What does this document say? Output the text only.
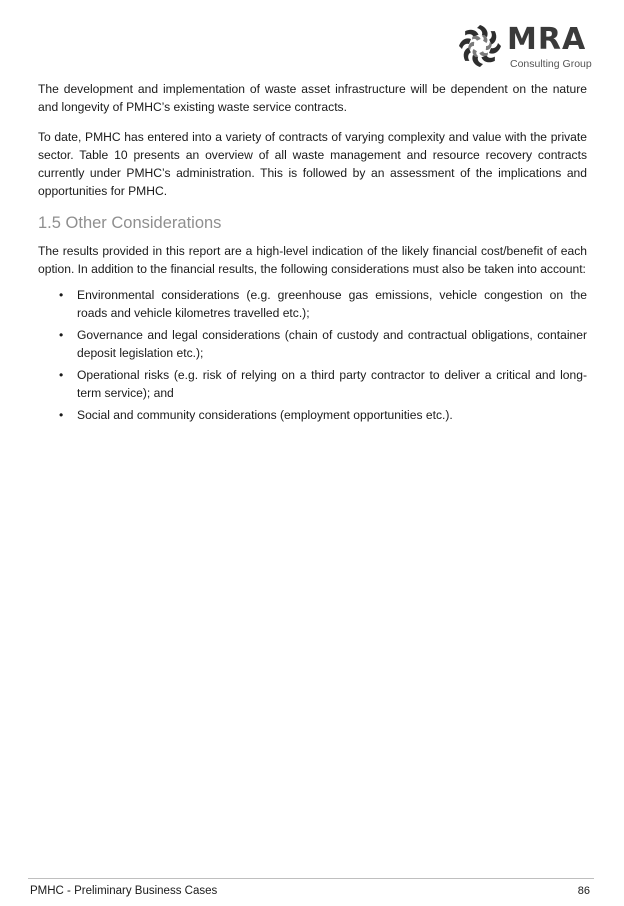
MRA
Consulting Group

The development and implementation of waste asset infrastructure will be dependent on the nature and longevity of PMHC’s existing waste service contracts.

To date, PMHC has entered into a variety of contracts of varying complexity and value with the private sector. Table 10 presents an overview of all waste management and resource recovery contracts currently under PMHC’s administration. This is followed by an assessment of the implications and opportunities for PMHC.

1.5 Other Considerations

The results provided in this report are a high-level indication of the likely financial cost/benefit of each option. In addition to the financial results, the following considerations must also be taken into account:

• Environmental considerations (e.g. greenhouse gas emissions, vehicle congestion on the roads and vehicle kilometres travelled etc.);
• Governance and legal considerations (chain of custody and contractual obligations, container deposit legislation etc.);
• Operational risks (e.g. risk of relying on a third party contractor to deliver a critical and long-term service); and
• Social and community considerations (employment opportunities etc.).
PMHC - Preliminary Business Cases	86
